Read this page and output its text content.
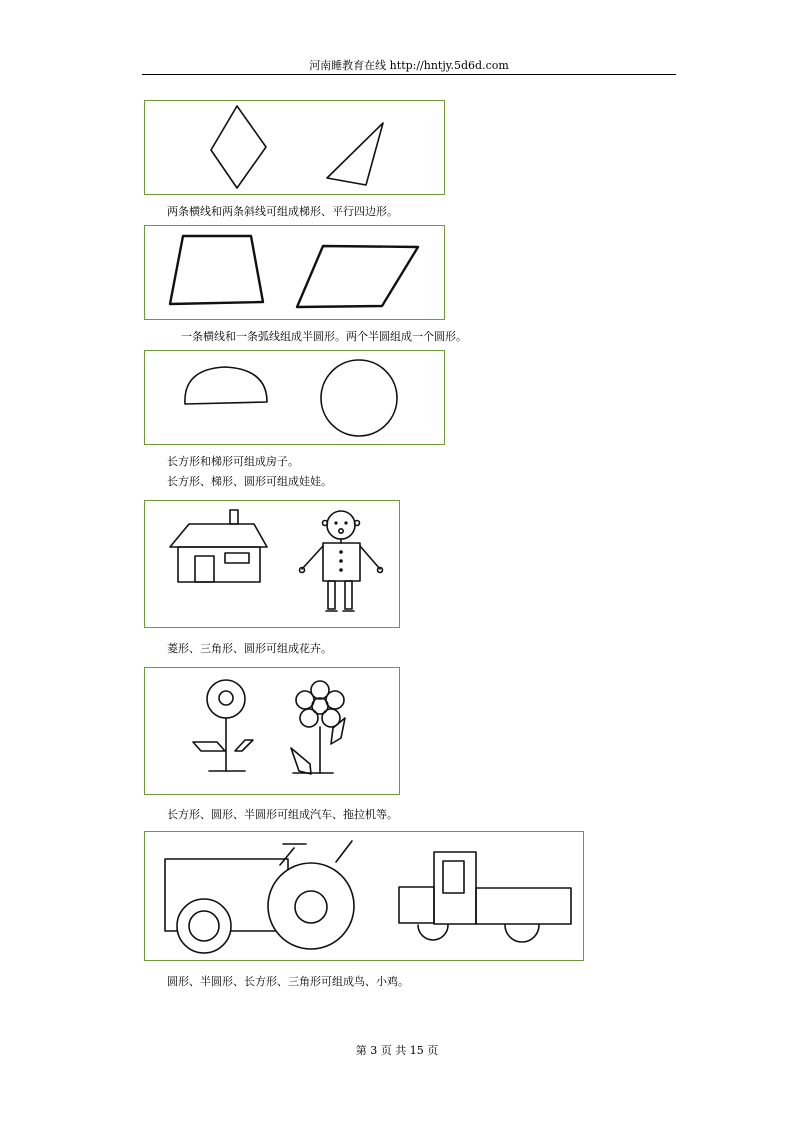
河南睡教育在线 http://hntjy.5d6d.com
两条横线和两条斜线可组成梯形、平行四边形。
一条横线和一条弧线组成半圆形。两个半圆组成一个圆形。
长方形和梯形可组成房子。
长方形、梯形、圆形可组成娃娃。
菱形、三角形、圆形可组成花卉。
长方形、圆形、半圆形可组成汽车、拖拉机等。
圆形、半圆形、长方形、三角形可组成鸟、小鸡。
第 3 页 共 15 页
